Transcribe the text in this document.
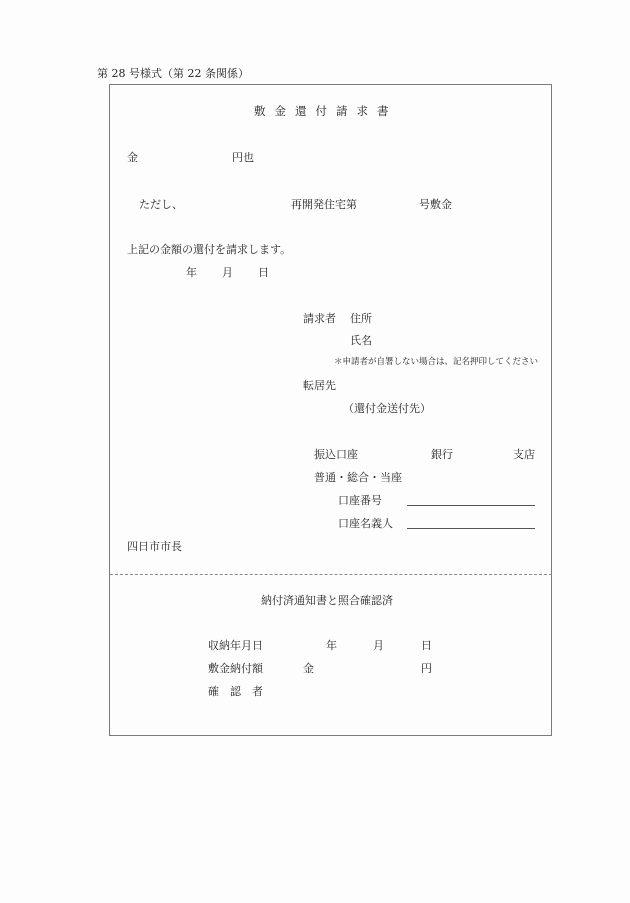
第 28 号様式（第 22 条関係）
敷金還付請求書
金	円也
ただし、	再開発住宅第	号敷金
上記の金額の還付を請求します。
年 月 日
請求者 住所
氏名
＊申請者が自署しない場合は、記名押印してください
転居先
（還付金送付先）
振込口座	銀行	支店
普通・総合・当座
口座番号
口座名義人
四日市市長
納付済通知書と照合確認済
収納年月日	年	月	日
敷金納付額	金	円
確　認　者
